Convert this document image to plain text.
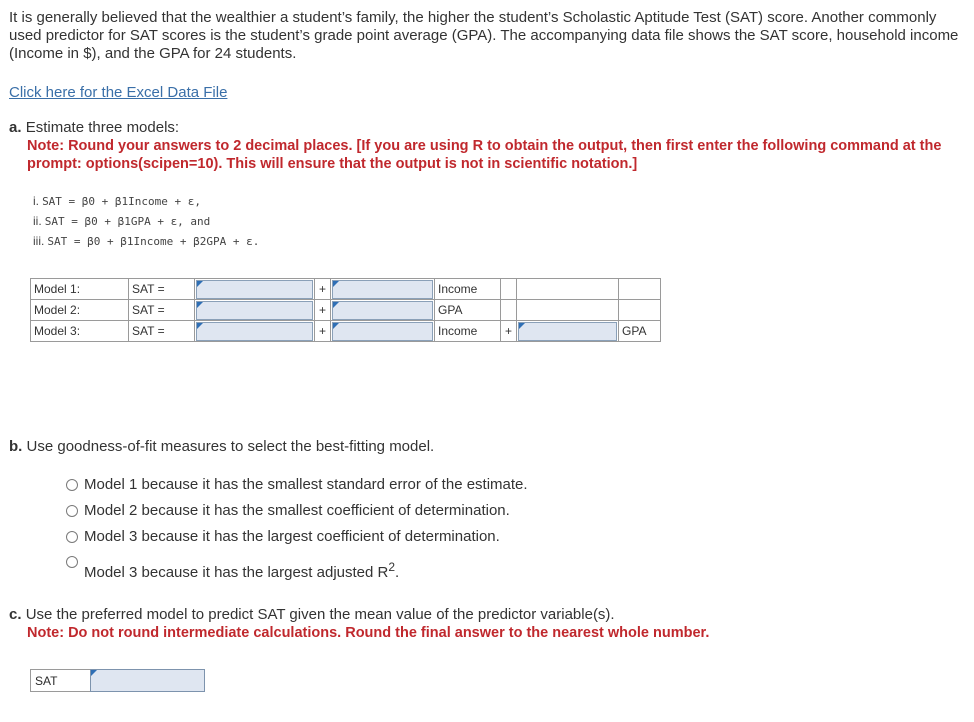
It is generally believed that the wealthier a student’s family, the higher the student’s Scholastic Aptitude Test (SAT) score. Another commonly used predictor for SAT scores is the student’s grade point average (GPA). The accompanying data file shows the SAT score, household income (Income in $), and the GPA for 24 students.
Click here for the Excel Data File
a. Estimate three models:
Note: Round your answers to 2 decimal places. [If you are using R to obtain the output, then first enter the following command at the prompt: options(scipen=10). This will ensure that the output is not in scientific notation.]
i. SAT = β0 + β1Income + ε,
ii. SAT = β0 + β1GPA + ε, and
iii. SAT = β0 + β1Income + β2GPA + ε.
Model 1:	SAT =		+		Income			
Model 2:	SAT =		+		GPA			
Model 3:	SAT =		+		Income	+		GPA
b. Use goodness-of-fit measures to select the best-fitting model.
Model 1 because it has the smallest standard error of the estimate.
Model 2 because it has the smallest coefficient of determination.
Model 3 because it has the largest coefficient of determination.
Model 3 because it has the largest adjusted $R^2$.
c. Use the preferred model to predict SAT given the mean value of the predictor variable(s).
Note: Do not round intermediate calculations. Round the final answer to the nearest whole number.
SAT
